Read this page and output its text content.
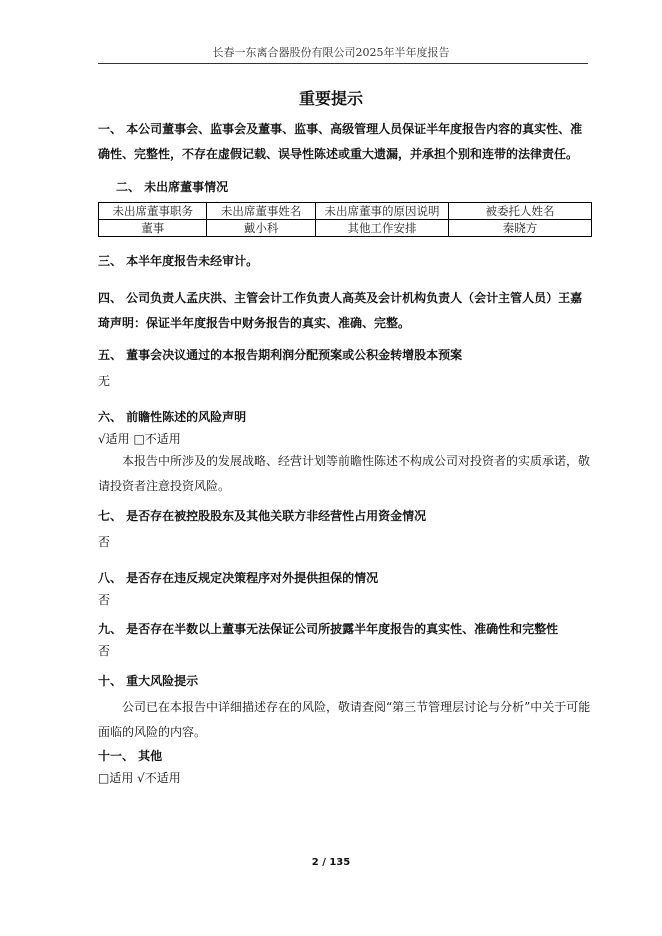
长春一东离合器股份有限公司2025年半年度报告
重要提示
一、 本公司董事会、监事会及董事、监事、高级管理人员保证半年度报告内容的真实性、准确性、完整性，不存在虚假记载、误导性陈述或重大遗漏，并承担个别和连带的法律责任。
二、 未出席董事情况
未出席董事职务	未出席董事姓名	未出席董事的原因说明	被委托人姓名
董事	戴小科	其他工作安排	秦晓方
三、 本半年度报告未经审计。
四、 公司负责人孟庆洪、主管会计工作负责人高英及会计机构负责人（会计主管人员）王嘉琦声明：保证半年度报告中财务报告的真实、准确、完整。
五、 董事会决议通过的本报告期利润分配预案或公积金转增股本预案
无
六、 前瞻性陈述的风险声明
√适用 □不适用
本报告中所涉及的发展战略、经营计划等前瞻性陈述不构成公司对投资者的实质承诺，敬请投资者注意投资风险。
七、 是否存在被控股股东及其他关联方非经营性占用资金情况
否
八、 是否存在违反规定决策程序对外提供担保的情况
否
九、 是否存在半数以上董事无法保证公司所披露半年度报告的真实性、准确性和完整性
否
十、 重大风险提示
公司已在本报告中详细描述存在的风险，敬请查阅“第三节管理层讨论与分析”中关于可能面临的风险的内容。
十一、 其他
□适用 √不适用
2 / 135
